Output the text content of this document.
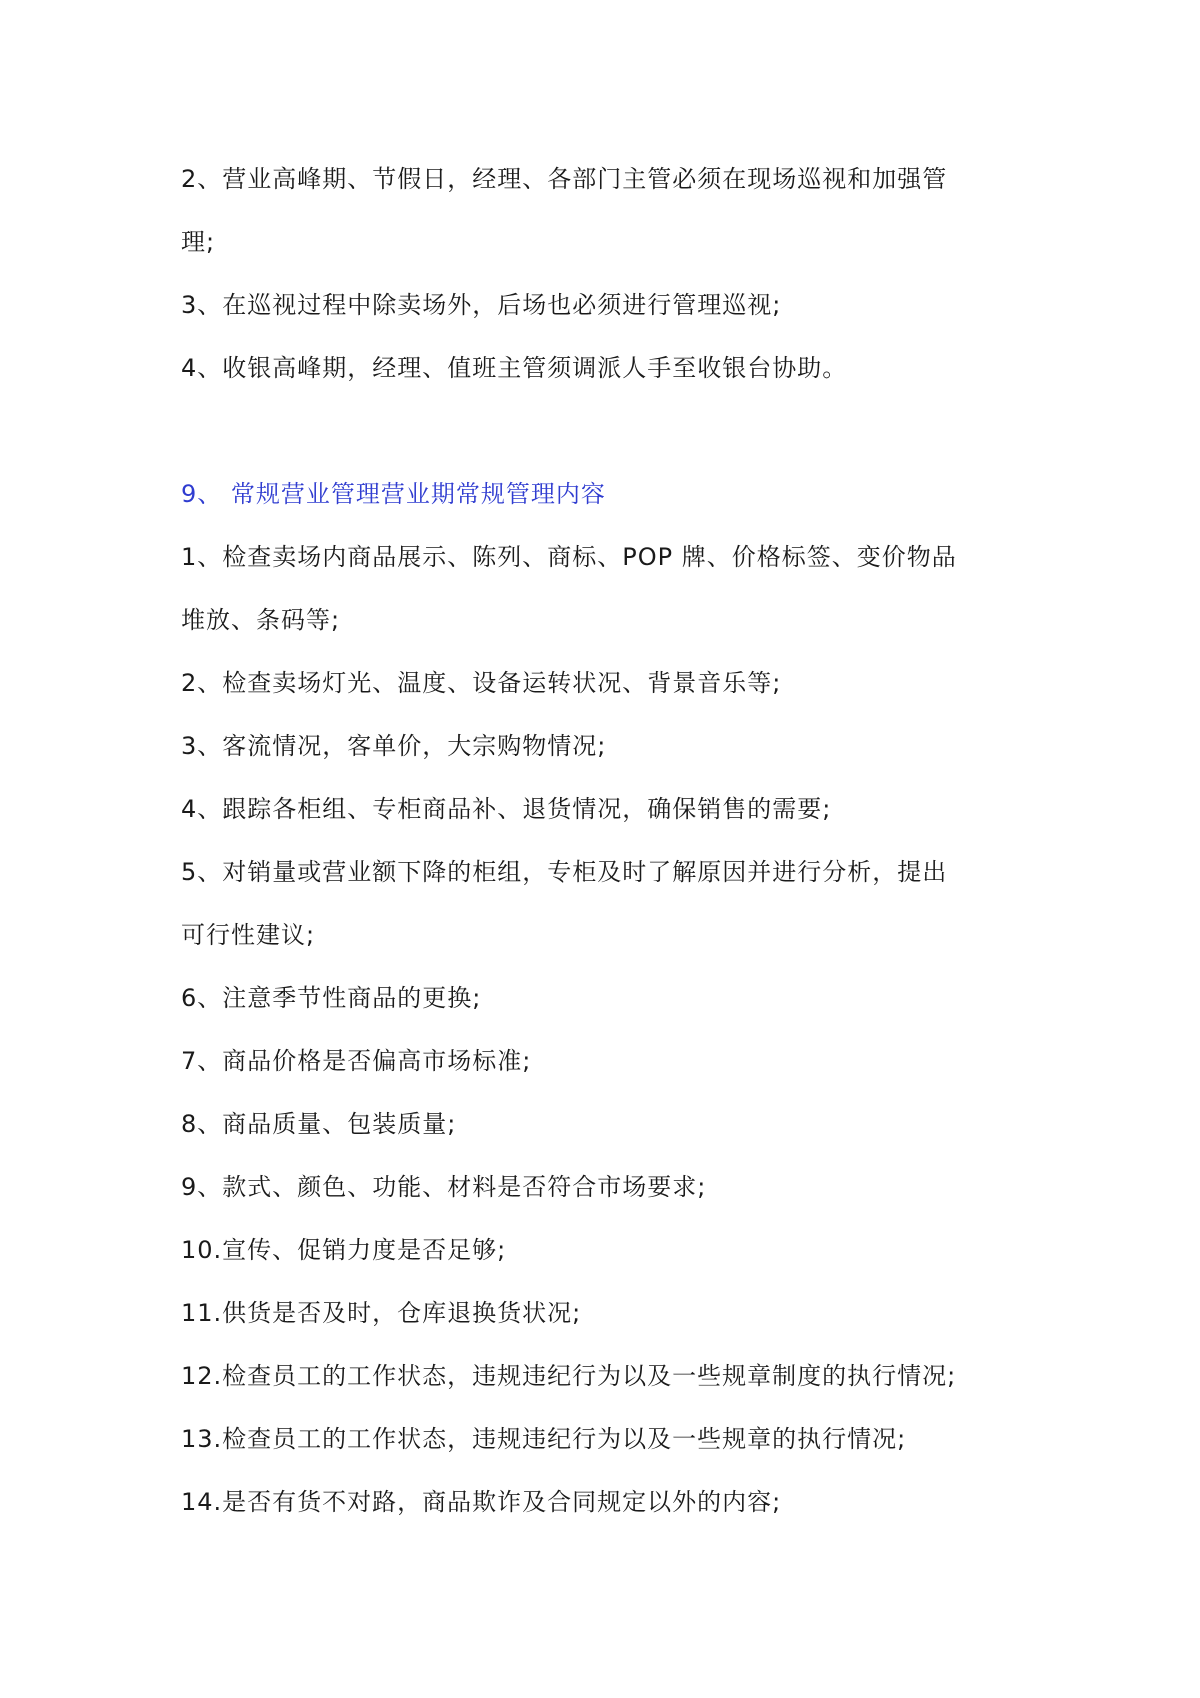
2、营业高峰期、节假日，经理、各部门主管必须在现场巡视和加强管
理;
3、在巡视过程中除卖场外，后场也必须进行管理巡视;
4、收银高峰期，经理、值班主管须调派人手至收银台协助。
9、 常规营业管理营业期常规管理内容
1、检查卖场内商品展示、陈列、商标、POP 牌、价格标签、变价物品
堆放、条码等;
2、检查卖场灯光、温度、设备运转状况、背景音乐等;
3、客流情况，客单价，大宗购物情况;
4、跟踪各柜组、专柜商品补、退货情况，确保销售的需要;
5、对销量或营业额下降的柜组，专柜及时了解原因并进行分析，提出
可行性建议;
6、注意季节性商品的更换;
7、商品价格是否偏高市场标准;
8、商品质量、包装质量;
9、款式、颜色、功能、材料是否符合市场要求;
10.宣传、促销力度是否足够;
11.供货是否及时，仓库退换货状况;
12.检查员工的工作状态，违规违纪行为以及一些规章制度的执行情况;
13.检查员工的工作状态，违规违纪行为以及一些规章的执行情况;
14.是否有货不对路，商品欺诈及合同规定以外的内容;
